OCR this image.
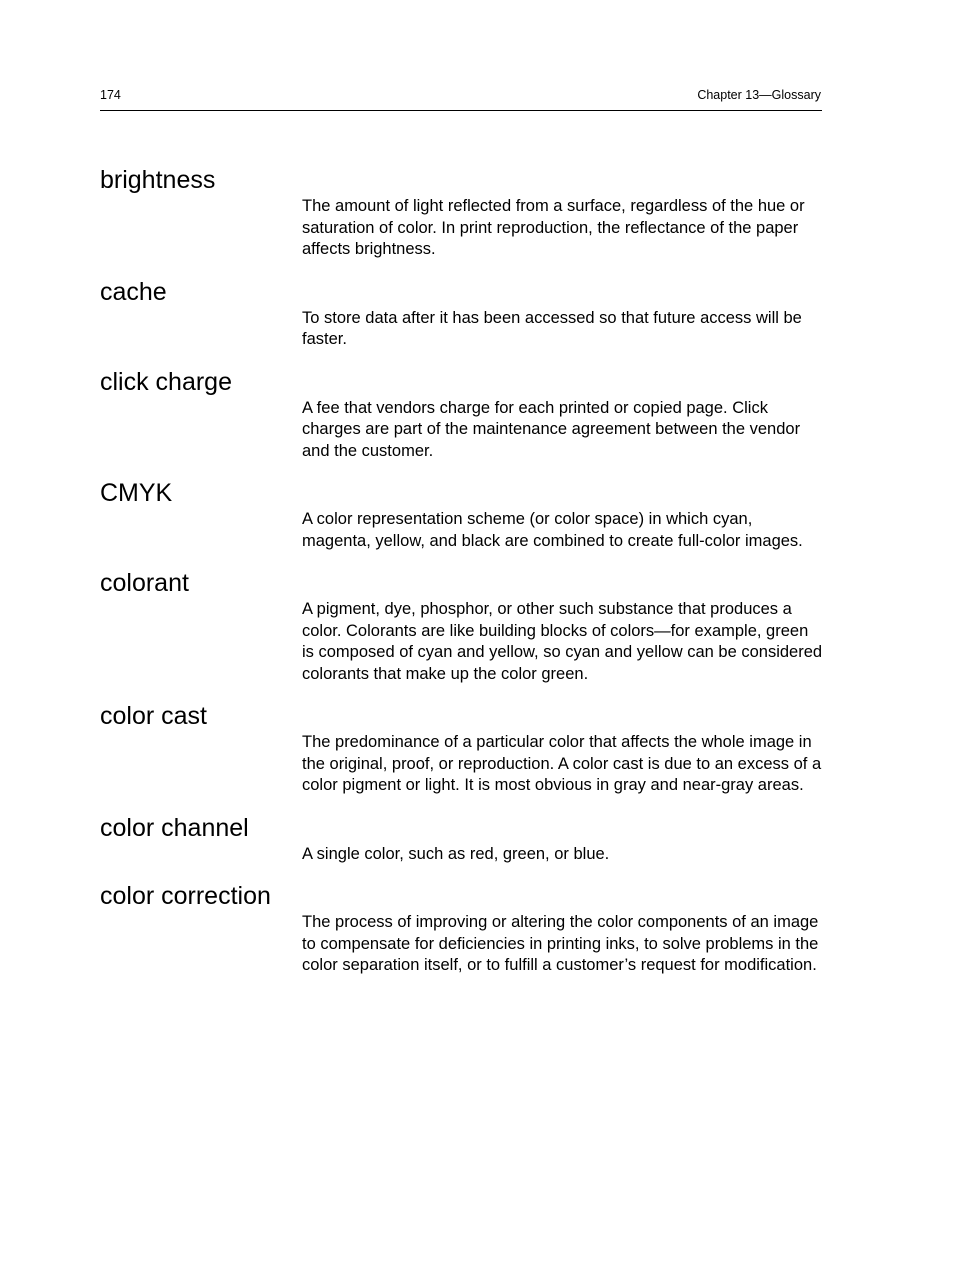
174	Chapter 13—Glossary
brightness

The amount of light reflected from a surface, regardless of the hue or saturation of color. In print reproduction, the reflectance of the paper affects brightness.

cache

To store data after it has been accessed so that future access will be faster.

click charge

A fee that vendors charge for each printed or copied page. Click charges are part of the maintenance agreement between the vendor and the customer.

CMYK

A color representation scheme (or color space) in which cyan, magenta, yellow, and black are combined to create full-color images.

colorant

A pigment, dye, phosphor, or other such substance that produces a color. Colorants are like building blocks of colors—for example, green is composed of cyan and yellow, so cyan and yellow can be considered colorants that make up the color green.

color cast

The predominance of a particular color that affects the whole image in the original, proof, or reproduction. A color cast is due to an excess of a color pigment or light. It is most obvious in gray and near-gray areas.

color channel

A single color, such as red, green, or blue.

color correction

The process of improving or altering the color components of an image to compensate for deficiencies in printing inks, to solve problems in the color separation itself, or to fulfill a customer’s request for modification.
